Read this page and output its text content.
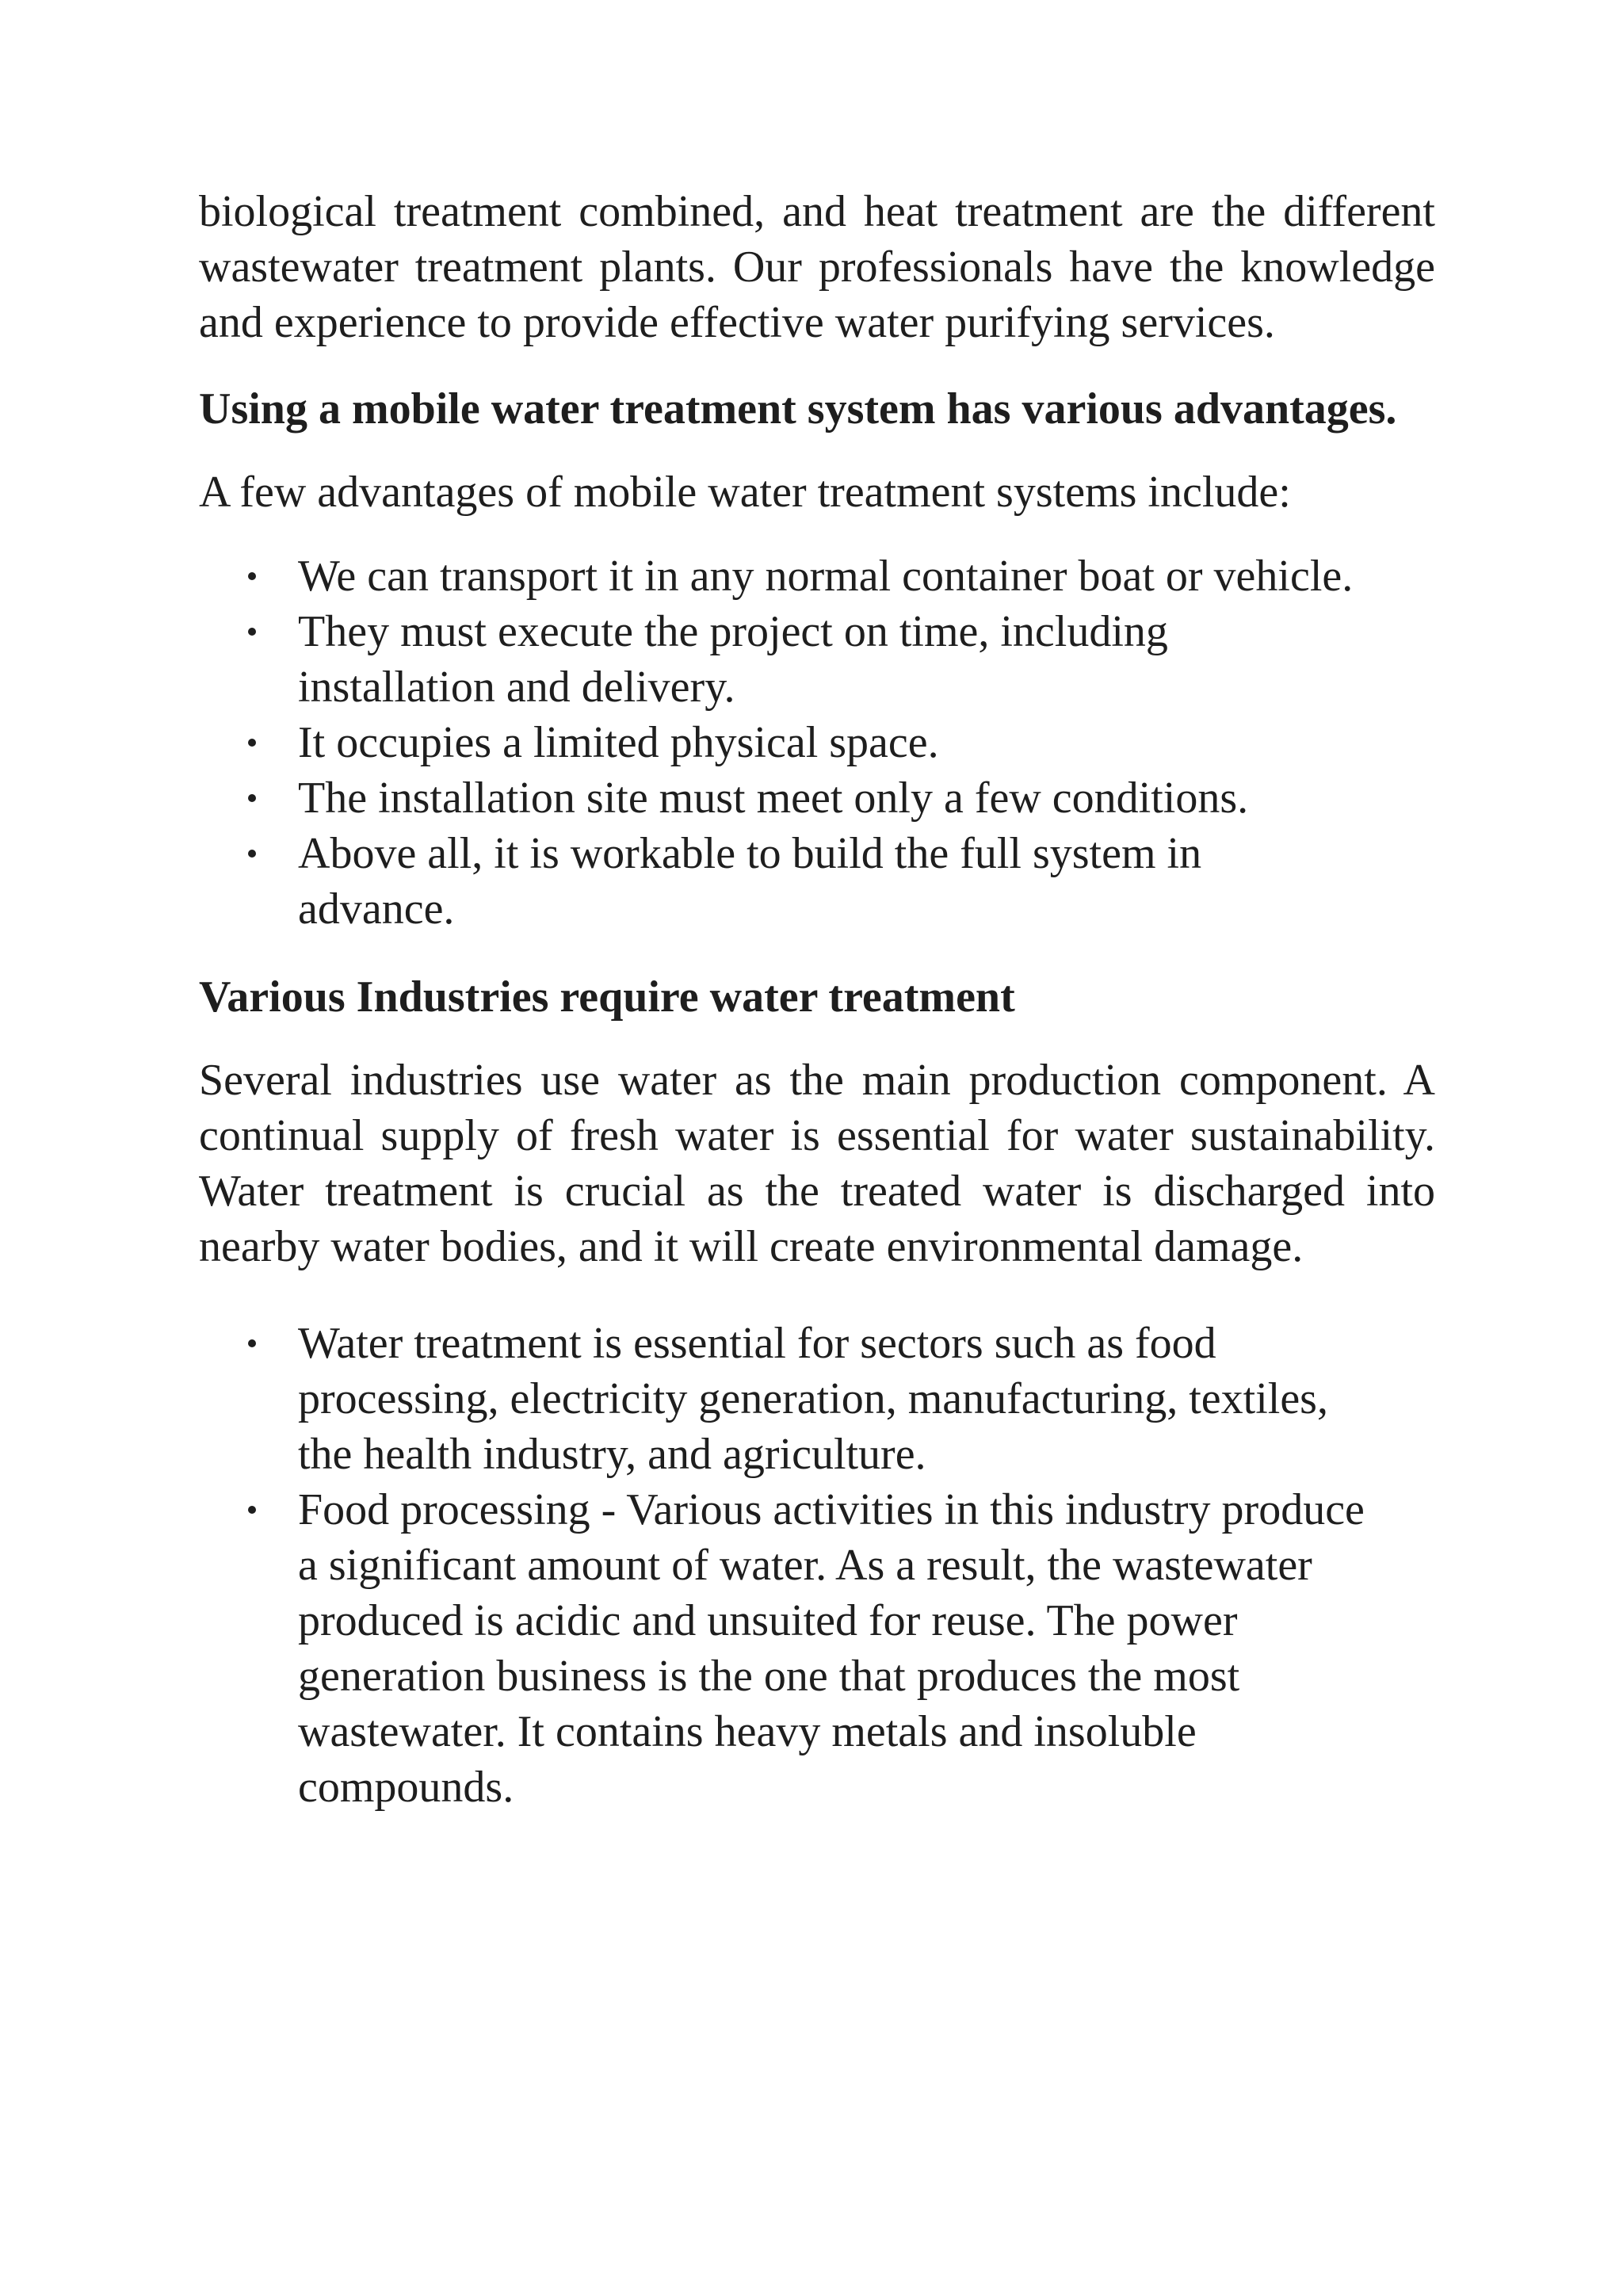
biological treatment combined, and heat treatment are the different wastewater treatment plants. Our professionals have the knowledge and experience to provide effective water purifying services.

Using a mobile water treatment system has various advantages.

A few advantages of mobile water treatment systems include:

We can transport it in any normal container boat or vehicle.
They must execute the project on time, including installation and delivery.
It occupies a limited physical space.
The installation site must meet only a few conditions.
Above all, it is workable to build the full system in advance.
Various Industries require water treatment

Several industries use water as the main production component. A continual supply of fresh water is essential for water sustainability. Water treatment is crucial as the treated water is discharged into nearby water bodies, and it will create environmental damage.

Water treatment is essential for sectors such as food processing, electricity generation, manufacturing, textiles, the health industry, and agriculture.
Food processing - Various activities in this industry produce a significant amount of water. As a result, the wastewater produced is acidic and unsuited for reuse. The power generation business is the one that produces the most wastewater. It contains heavy metals and insoluble compounds.
